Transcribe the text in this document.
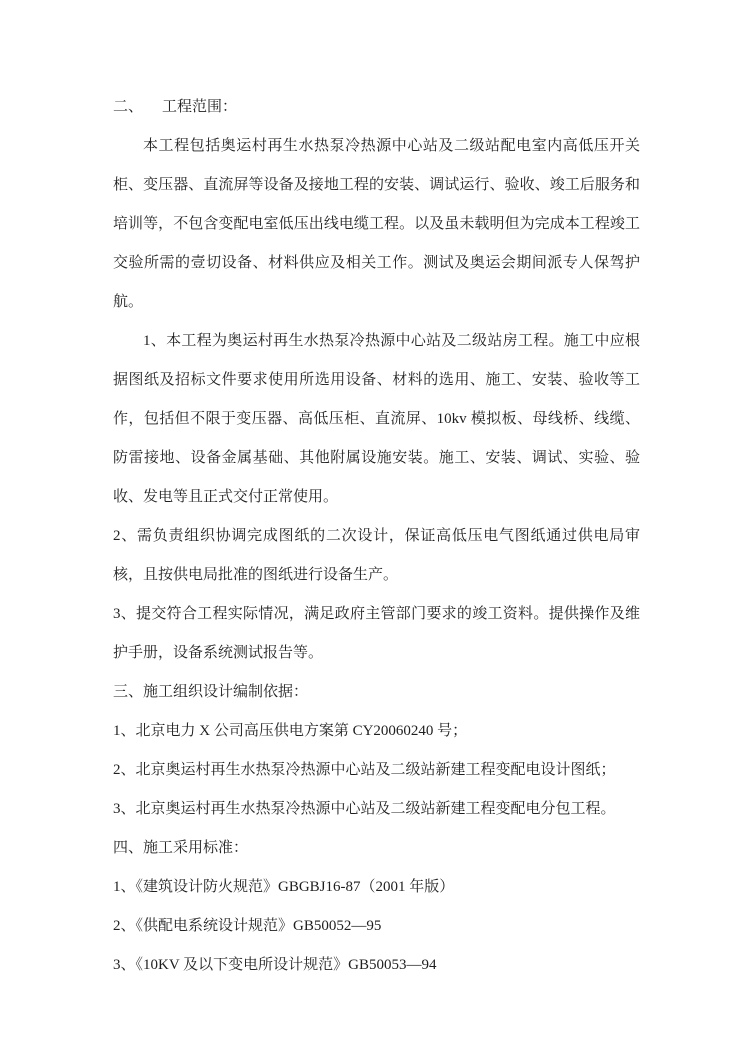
二、 工程范围：

本工程包括奥运村再生水热泵冷热源中心站及二级站配电室内高低压开关柜、变压器、直流屏等设备及接地工程的安装、调试运行、验收、竣工后服务和培训等，不包含变配电室低压出线电缆工程。以及虽未载明但为完成本工程竣工交验所需的壹切设备、材料供应及相关工作。测试及奥运会期间派专人保驾护航。

1、本工程为奥运村再生水热泵冷热源中心站及二级站房工程。施工中应根据图纸及招标文件要求使用所选用设备、材料的选用、施工、安装、验收等工作，包括但不限于变压器、高低压柜、直流屏、10kv 模拟板、母线桥、线缆、防雷接地、设备金属基础、其他附属设施安装。施工、安装、调试、实验、验收、发电等且正式交付正常使用。

2、需负责组织协调完成图纸的二次设计，保证高低压电气图纸通过供电局审核，且按供电局批准的图纸进行设备生产。

3、提交符合工程实际情况，满足政府主管部门要求的竣工资料。提供操作及维护手册，设备系统测试报告等。

三、施工组织设计编制依据：

1、北京电力 X 公司高压供电方案第 CY20060240 号；

2、北京奥运村再生水热泵冷热源中心站及二级站新建工程变配电设计图纸；

3、北京奥运村再生水热泵冷热源中心站及二级站新建工程变配电分包工程。

四、施工采用标准：

1、《建筑设计防火规范》GBGBJ16-87（2001 年版）

2、《供配电系统设计规范》GB50052—95

3、《10KV 及以下变电所设计规范》GB50053—94
